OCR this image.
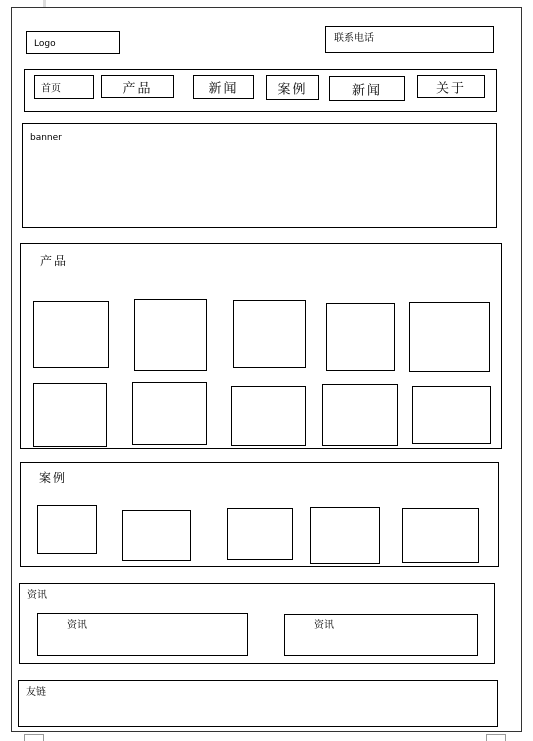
Logo	联系电话
首页	产品	新闻	案例	新闻	关于
banner
产品
案例
资讯
资讯	资讯
友链
